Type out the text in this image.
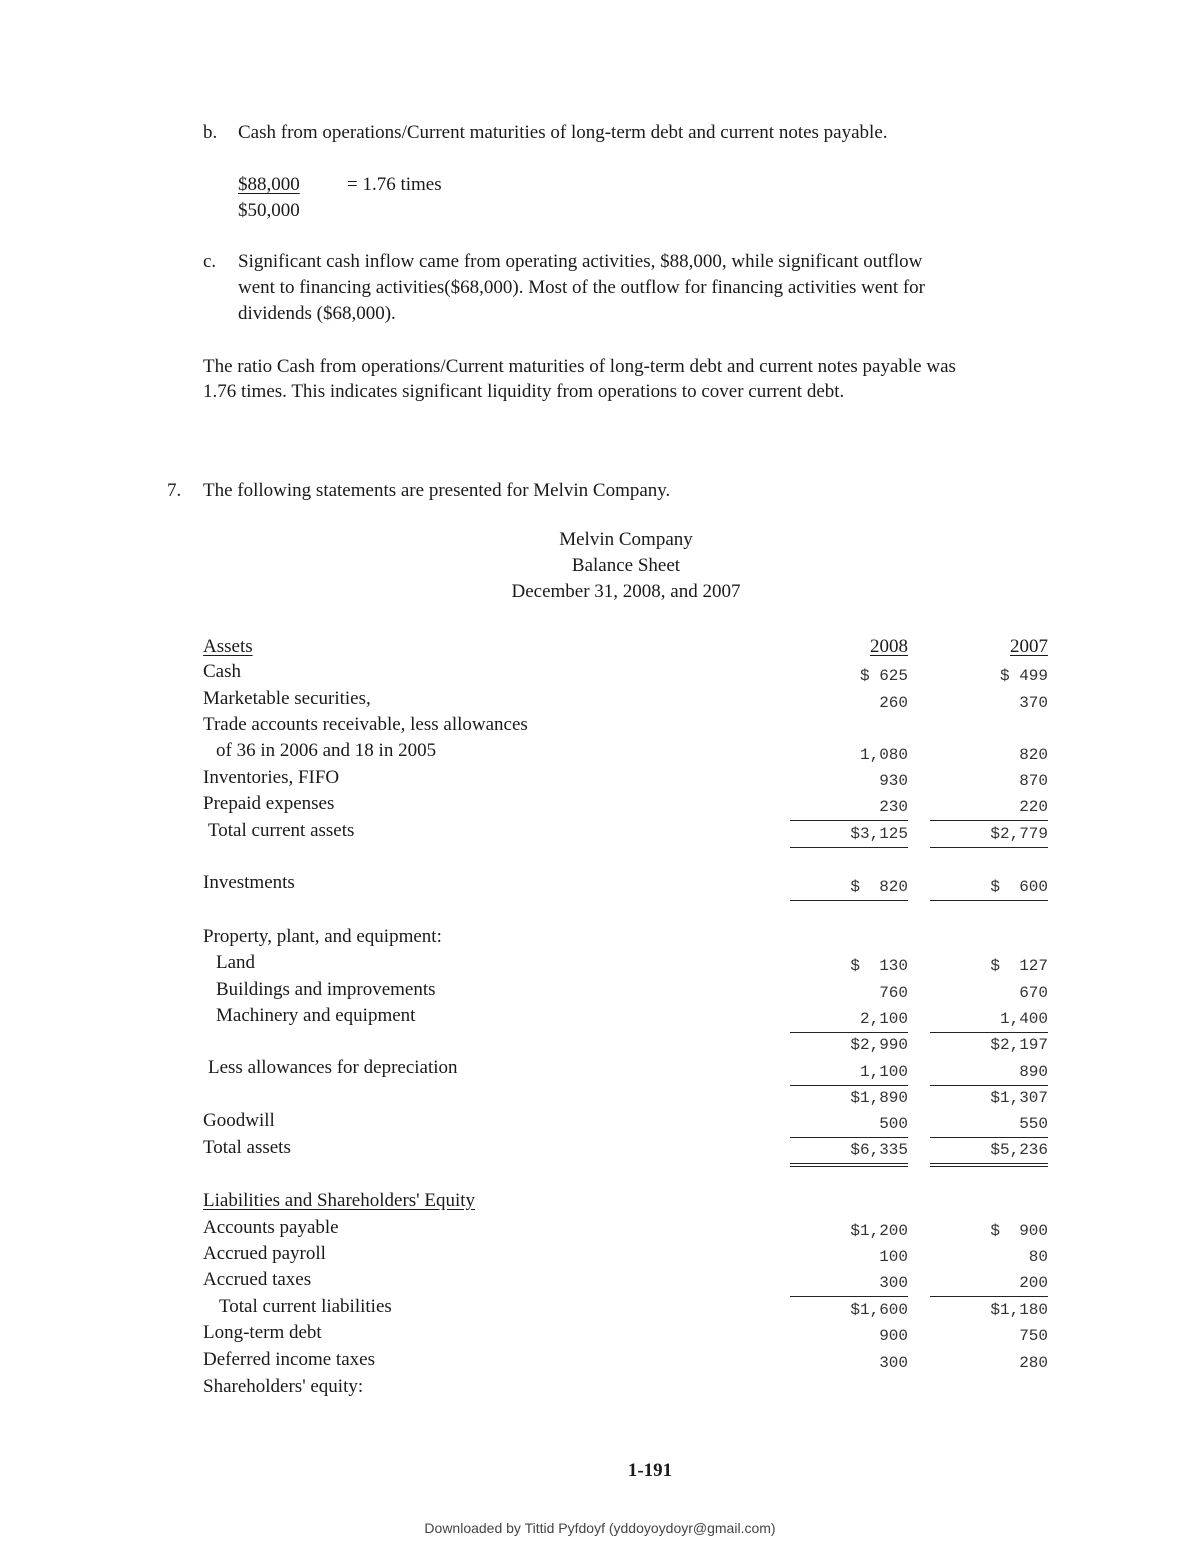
b. Cash from operations/Current maturities of long-term debt and current notes payable.
$88,000
$50,000
= 1.76 times
c. Significant cash inflow came from operating activities, $88,000, while significant outflow
went to financing activities($68,000). Most of the outflow for financing activities went for
dividends ($68,000).
The ratio Cash from operations/Current maturities of long-term debt and current notes payable was
1.76 times. This indicates significant liquidity from operations to cover current debt.
7. The following statements are presented for Melvin Company.
Melvin Company
Balance Sheet
December 31, 2008, and 2007
Assets	2008	2007
Cash	$ 625	$ 499
Marketable securities,	260	370
Trade accounts receivable, less allowances
of 36 in 2006 and 18 in 2005	1,080	820
Inventories, FIFO	930	870
Prepaid expenses	230	220
Total current assets	$3,125	$2,779
Investments	$  820	$  600
Property, plant, and equipment:
Land	$  130	$  127
Buildings and improvements	760	670
Machinery and equipment	2,100	1,400
$2,990	$2,197
Less allowances for depreciation	1,100	890
$1,890	$1,307
Goodwill	500	550
Total assets	$6,335	$5,236
Liabilities and Shareholders' Equity
Accounts payable	$1,200	$  900
Accrued payroll	100	80
Accrued taxes	300	200
Total current liabilities	$1,600	$1,180
Long-term debt	900	750
Deferred income taxes	300	280
Shareholders' equity:
1-191
Downloaded by Tittid Pyfdoyf (yddoyoydoyr@gmail.com)
